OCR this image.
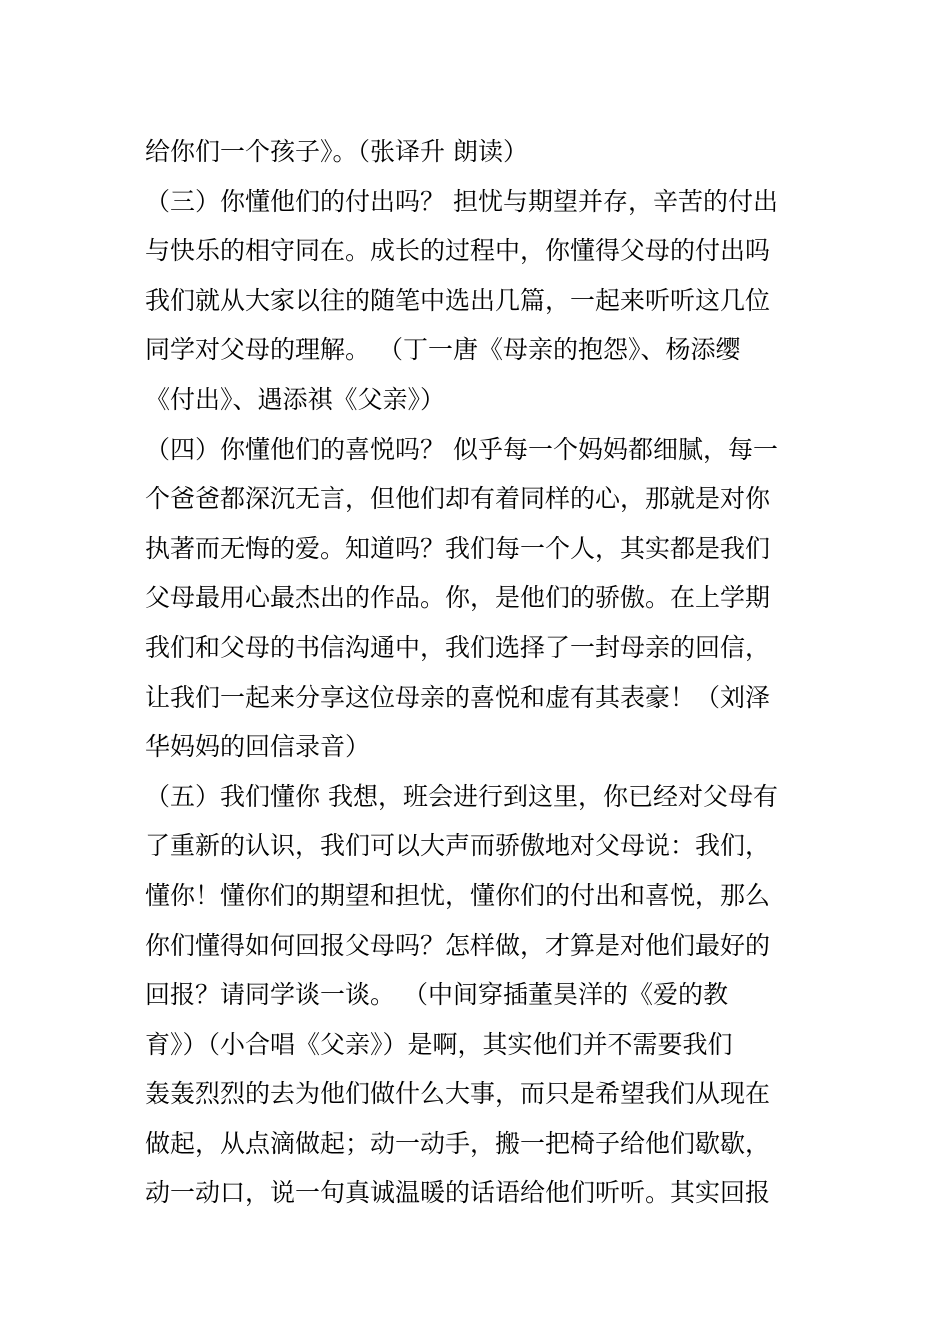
给你们一个孩子》。（张译升 朗读）
（三）你懂他们的付出吗？ 担忧与期望并存，辛苦的付出
与快乐的相守同在。成长的过程中，你懂得父母的付出吗
我们就从大家以往的随笔中选出几篇，一起来听听这几位
同学对父母的理解。 （丁一唐《母亲的抱怨》、杨添缨
《付出》、遇添祺《父亲》）
（四）你懂他们的喜悦吗？ 似乎每一个妈妈都细腻，每一
个爸爸都深沉无言，但他们却有着同样的心，那就是对你
执著而无悔的爱。知道吗？我们每一个人，其实都是我们
父母最用心最杰出的作品。你，是他们的骄傲。在上学期
我们和父母的书信沟通中，我们选择了一封母亲的回信，
让我们一起来分享这位母亲的喜悦和虚有其表豪！（刘泽
华妈妈的回信录音）
（五）我们懂你 我想，班会进行到这里，你已经对父母有
了重新的认识，我们可以大声而骄傲地对父母说：我们，
懂你！懂你们的期望和担忧，懂你们的付出和喜悦，那么
你们懂得如何回报父母吗？怎样做，才算是对他们最好的
回报？请同学谈一谈。 （中间穿插董昊洋的《爱的教
育》）（小合唱《父亲》）是啊，其实他们并不需要我们
轰轰烈烈的去为他们做什么大事，而只是希望我们从现在
做起，从点滴做起；动一动手，搬一把椅子给他们歇歇，
动一动口，说一句真诚温暖的话语给他们听听。其实回报
